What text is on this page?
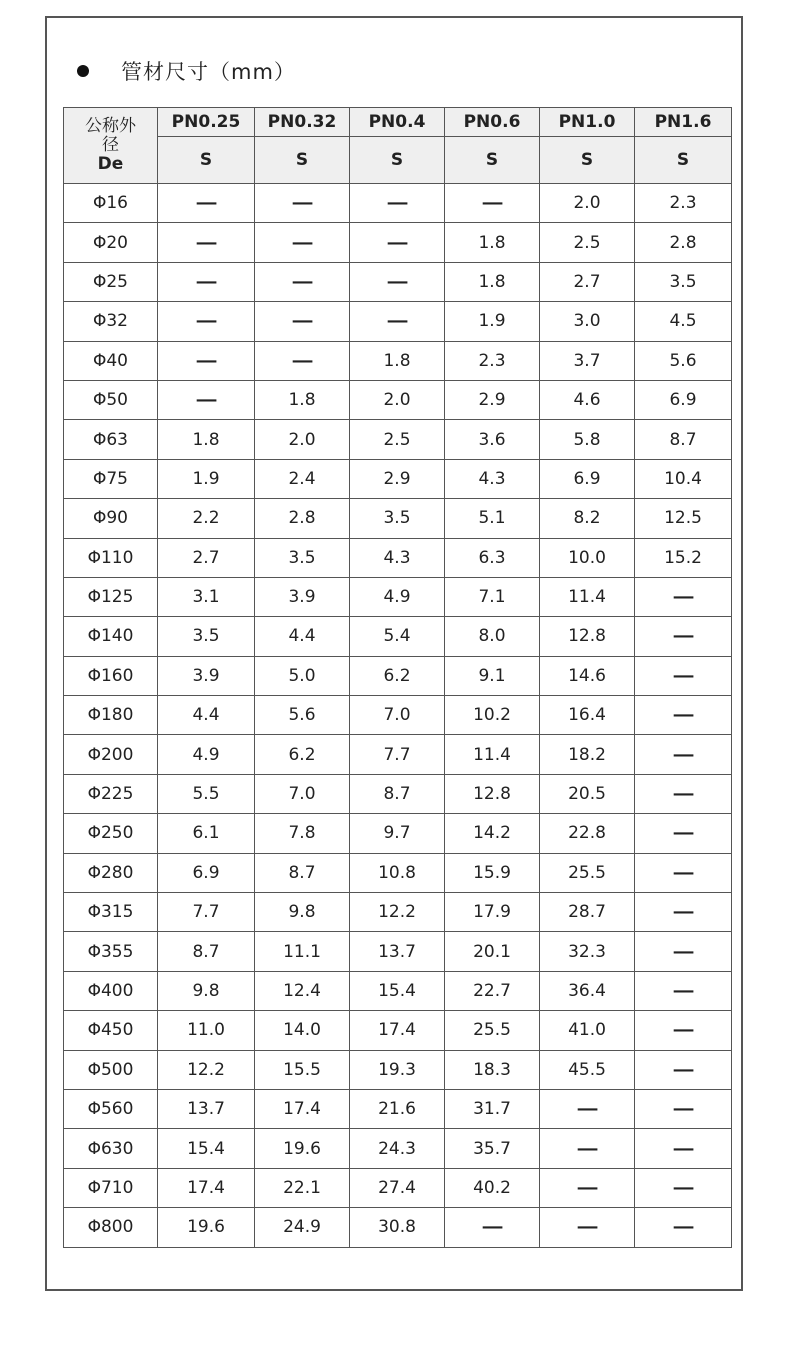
管材尺寸（mm）
公称外
径
De	PN0.25	PN0.32	PN0.4	PN0.6	PN1.0	PN1.6
	S	S	S	S	S	S
Φ16	—	—	—	—	2.0	2.3
Φ20	—	—	—	1.8	2.5	2.8
Φ25	—	—	—	1.8	2.7	3.5
Φ32	—	—	—	1.9	3.0	4.5
Φ40	—	—	1.8	2.3	3.7	5.6
Φ50	—	1.8	2.0	2.9	4.6	6.9
Φ63	1.8	2.0	2.5	3.6	5.8	8.7
Φ75	1.9	2.4	2.9	4.3	6.9	10.4
Φ90	2.2	2.8	3.5	5.1	8.2	12.5
Φ110	2.7	3.5	4.3	6.3	10.0	15.2
Φ125	3.1	3.9	4.9	7.1	11.4	—
Φ140	3.5	4.4	5.4	8.0	12.8	—
Φ160	3.9	5.0	6.2	9.1	14.6	—
Φ180	4.4	5.6	7.0	10.2	16.4	—
Φ200	4.9	6.2	7.7	11.4	18.2	—
Φ225	5.5	7.0	8.7	12.8	20.5	—
Φ250	6.1	7.8	9.7	14.2	22.8	—
Φ280	6.9	8.7	10.8	15.9	25.5	—
Φ315	7.7	9.8	12.2	17.9	28.7	—
Φ355	8.7	11.1	13.7	20.1	32.3	—
Φ400	9.8	12.4	15.4	22.7	36.4	—
Φ450	11.0	14.0	17.4	25.5	41.0	—
Φ500	12.2	15.5	19.3	18.3	45.5	—
Φ560	13.7	17.4	21.6	31.7	—	—
Φ630	15.4	19.6	24.3	35.7	—	—
Φ710	17.4	22.1	27.4	40.2	—	—
Φ800	19.6	24.9	30.8	—	—	—
